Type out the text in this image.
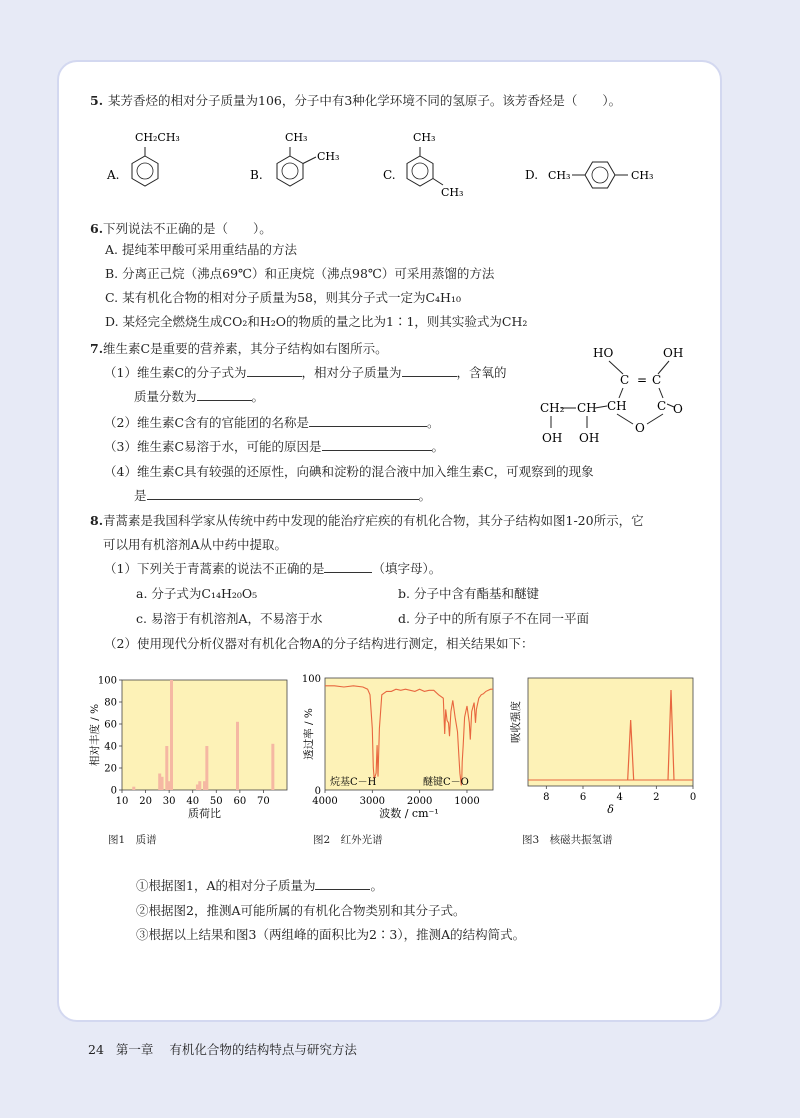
5. 某芳香烃的相对分子质量为106，分子中有3种化学环境不同的氢原子。该芳香烃是（　　）。
A.
CH₂CH₃
B.
CH₃
CH₃
C.
CH₃
CH₃
D. CH₃	CH₃
6. 下列说法不正确的是（　　）。
A. 提纯苯甲酸可采用重结晶的方法
B. 分离正己烷（沸点69℃）和正庚烷（沸点98℃）可采用蒸馏的方法
C. 某有机化合物的相对分子质量为58，则其分子式一定为C₄H₁₀
D. 某烃完全燃烧生成CO₂和H₂O的物质的量之比为1∶1，则其实验式为CH₂
7. 维生素C是重要的营养素，其分子结构如右图所示。
（1）维生素C的分子式为	，相对分子质量为	，含氧的
质量分数为	。
（2）维生素C含有的官能团的名称是	。
（3）维生素C易溶于水，可能的原因是	。
（4）维生素C具有较强的还原性，向碘和淀粉的混合液中加入维生素C，可观察到的现象
是	。
HO	OH
C = C
CH	C O
O
CH
CH₂
OH OH
8. 青蒿素是我国科学家从传统中药中发现的能治疗疟疾的有机化合物，其分子结构如图1-20所示，它
可以用有机溶剂A从中药中提取。
（1）下列关于青蒿素的说法不正确的是	（填字母）。
a. 分子式为C₁₄H₂₀O₅	b. 分子中含有酯基和醚键
c. 易溶于有机溶剂A，不易溶于水	d. 分子中的所有原子不在同一平面
（2）使用现代分析仪器对有机化合物A的分子结构进行测定，相关结果如下：
0
20
40
60
80
100
10 20 30 40 50 60 70
质荷比
相对丰度 / %
0
100
4000 3000 2000 1000
烷基C－H	醚键C－O
波数 / cm⁻¹
透过率 / %
8	6	4	2	0
δ
吸收强度
图1　质谱	图2　红外光谱	图3　核磁共振氢谱
①根据图1，A的相对分子质量为	。
②根据图2，推测A可能所属的有机化合物类别和其分子式。
③根据以上结果和图3（两组峰的面积比为2∶3），推测A的结构简式。
24 第一章 有机化合物的结构特点与研究方法
